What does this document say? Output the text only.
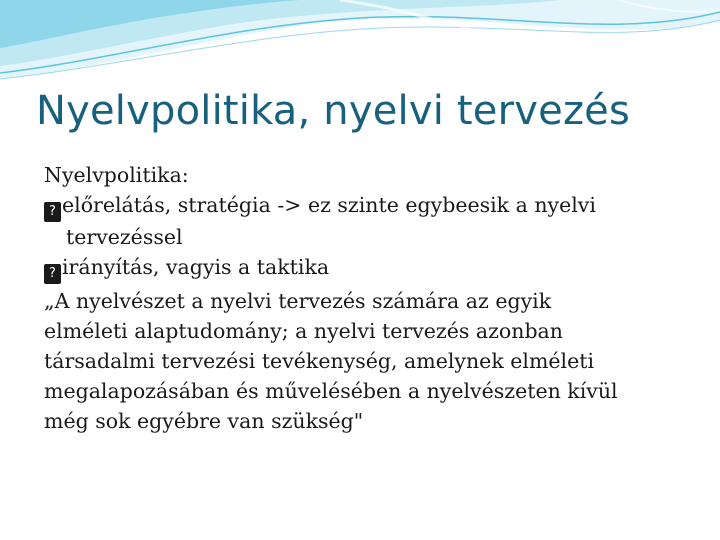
Nyelvpolitika, nyelvi tervezés
Nyelvpolitika:
? előrelátás, stratégia -> ez szinte egybeesik a nyelvi
tervezéssel
? irányítás, vagyis a taktika
„A nyelvészet a nyelvi tervezés számára az egyik
elméleti alaptudomány; a nyelvi tervezés azonban
társadalmi tervezési tevékenység, amelynek elméleti
megalapozásában és művelésében a nyelvészeten kívül
még sok egyébre van szükség"
